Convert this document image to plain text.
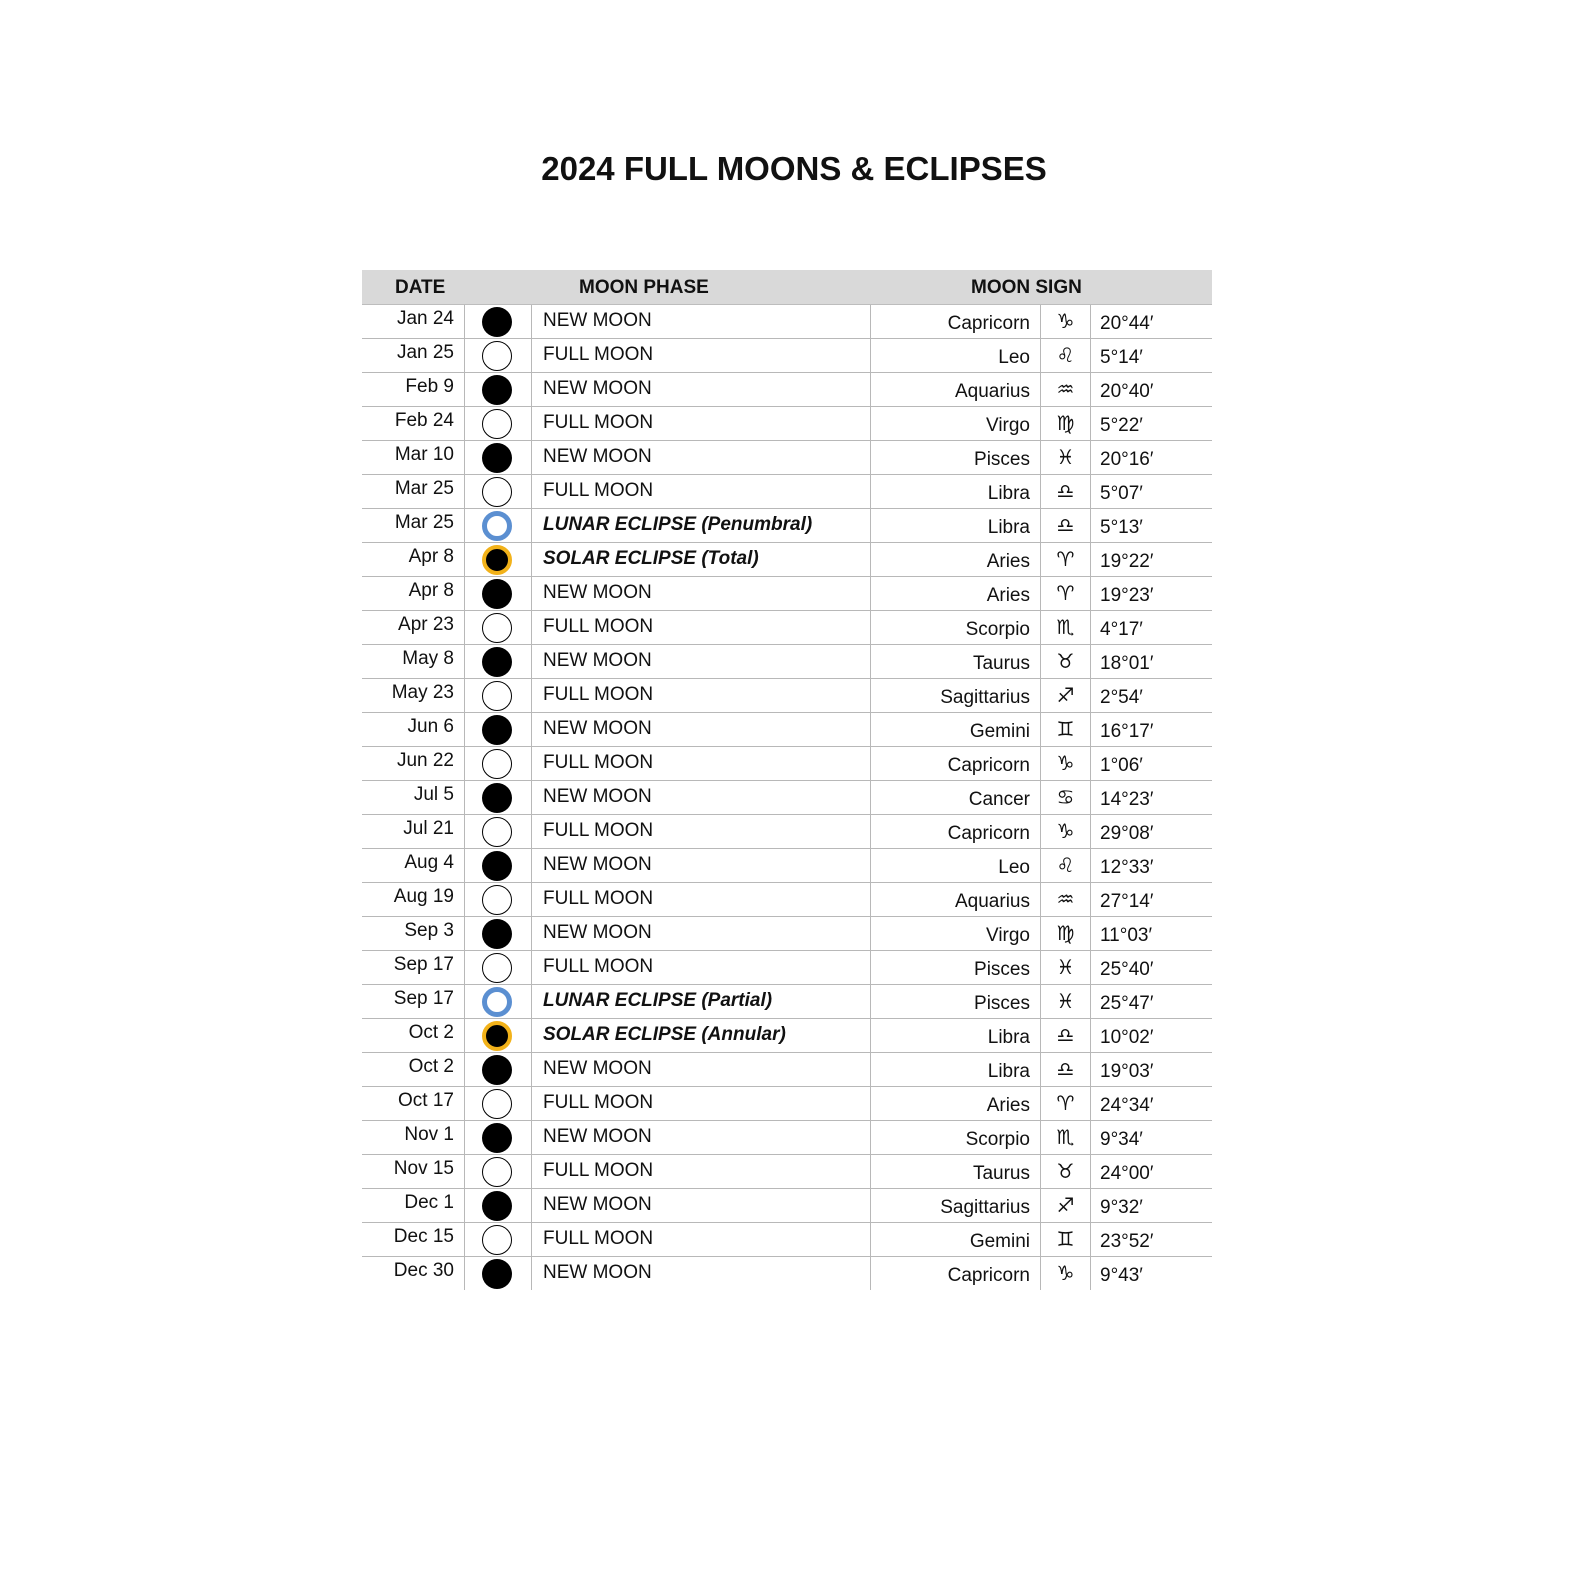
2024 FULL MOONS & ECLIPSES
DATE	MOON PHASE	MOON SIGN
Jan 24	NEW MOON	Capricorn	♑	20°44′
Jan 25	FULL MOON	Leo	♌	5°14′
Feb 9	NEW MOON	Aquarius	♒	20°40′
Feb 24	FULL MOON	Virgo	♍	5°22′
Mar 10	NEW MOON	Pisces	♓	20°16′
Mar 25	FULL MOON	Libra	♎	5°07′
Mar 25	LUNAR ECLIPSE (Penumbral)	Libra	♎	5°13′
Apr 8	SOLAR ECLIPSE (Total)	Aries	♈	19°22′
Apr 8	NEW MOON	Aries	♈	19°23′
Apr 23	FULL MOON	Scorpio	♏	4°17′
May 8	NEW MOON	Taurus	♉	18°01′
May 23	FULL MOON	Sagittarius	♐	2°54′
Jun 6	NEW MOON	Gemini	♊	16°17′
Jun 22	FULL MOON	Capricorn	♑	1°06′
Jul 5	NEW MOON	Cancer	♋	14°23′
Jul 21	FULL MOON	Capricorn	♑	29°08′
Aug 4	NEW MOON	Leo	♌	12°33′
Aug 19	FULL MOON	Aquarius	♒	27°14′
Sep 3	NEW MOON	Virgo	♍	11°03′
Sep 17	FULL MOON	Pisces	♓	25°40′
Sep 17	LUNAR ECLIPSE (Partial)	Pisces	♓	25°47′
Oct 2	SOLAR ECLIPSE (Annular)	Libra	♎	10°02′
Oct 2	NEW MOON	Libra	♎	19°03′
Oct 17	FULL MOON	Aries	♈	24°34′
Nov 1	NEW MOON	Scorpio	♏	9°34′
Nov 15	FULL MOON	Taurus	♉	24°00′
Dec 1	NEW MOON	Sagittarius	♐	9°32′
Dec 15	FULL MOON	Gemini	♊	23°52′
Dec 30	NEW MOON	Capricorn	♑	9°43′
